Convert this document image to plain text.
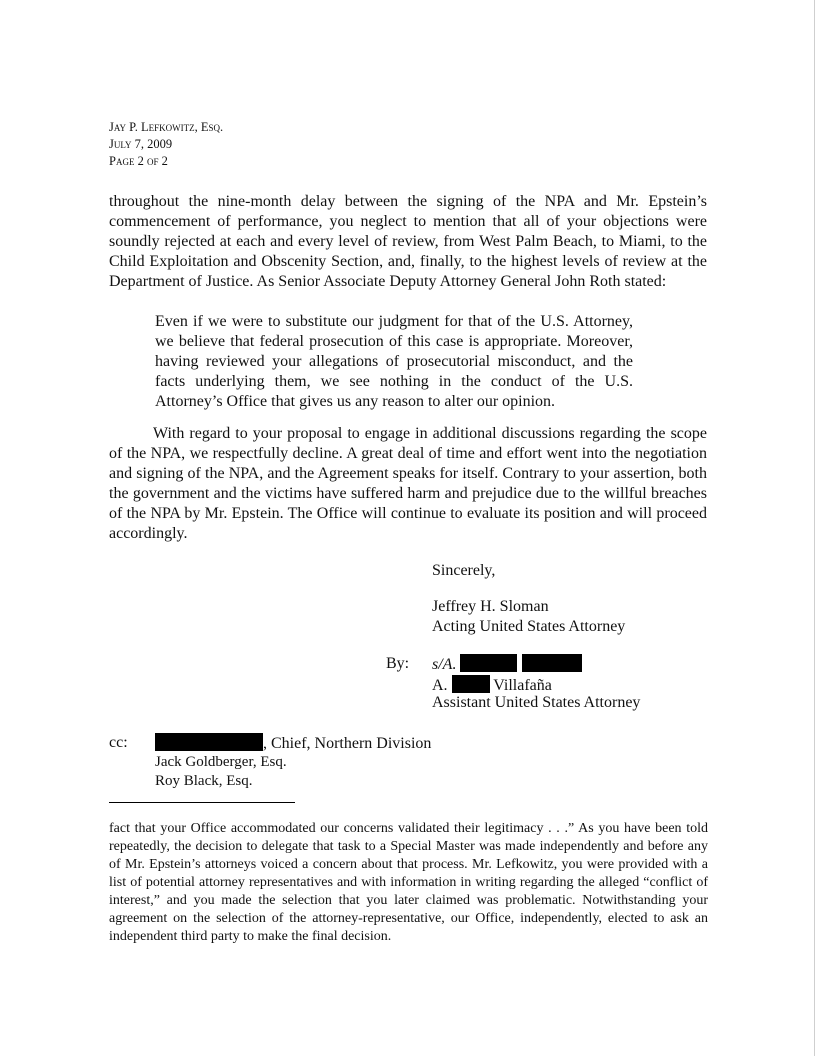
Jay P. Lefkowitz, Esq.
July 7, 2009
Page 2 of 2

throughout the nine-month delay between the signing of the NPA and Mr. Epstein’s commencement of performance, you neglect to mention that all of your objections were soundly rejected at each and every level of review, from West Palm Beach, to Miami, to the Child Exploitation and Obscenity Section, and, finally, to the highest levels of review at the Department of Justice. As Senior Associate Deputy Attorney General John Roth stated:

Even if we were to substitute our judgment for that of the U.S. Attorney, we believe that federal prosecution of this case is appropriate. Moreover, having reviewed your allegations of prosecutorial misconduct, and the facts underlying them, we see nothing in the conduct of the U.S. Attorney’s Office that gives us any reason to alter our opinion.

With regard to your proposal to engage in additional discussions regarding the scope of the NPA, we respectfully decline. A great deal of time and effort went into the negotiation and signing of the NPA, and the Agreement speaks for itself. Contrary to your assertion, both the government and the victims have suffered harm and prejudice due to the willful breaches of the NPA by Mr. Epstein. The Office will continue to evaluate its position and will proceed accordingly.

Sincerely,
Jeffrey H. Sloman
Acting United States Attorney
By: s/A.
A.	Villafaña
Assistant United States Attorney
cc:	, Chief, Northern Division
Jack Goldberger, Esq.
Roy Black, Esq.

fact that your Office accommodated our concerns validated their legitimacy . . .” As you have been told repeatedly, the decision to delegate that task to a Special Master was made independently and before any of Mr. Epstein’s attorneys voiced a concern about that process. Mr. Lefkowitz, you were provided with a list of potential attorney representatives and with information in writing regarding the alleged “conflict of interest,” and you made the selection that you later claimed was problematic. Notwithstanding your agreement on the selection of the attorney-representative, our Office, independently, elected to ask an independent third party to make the final decision.
